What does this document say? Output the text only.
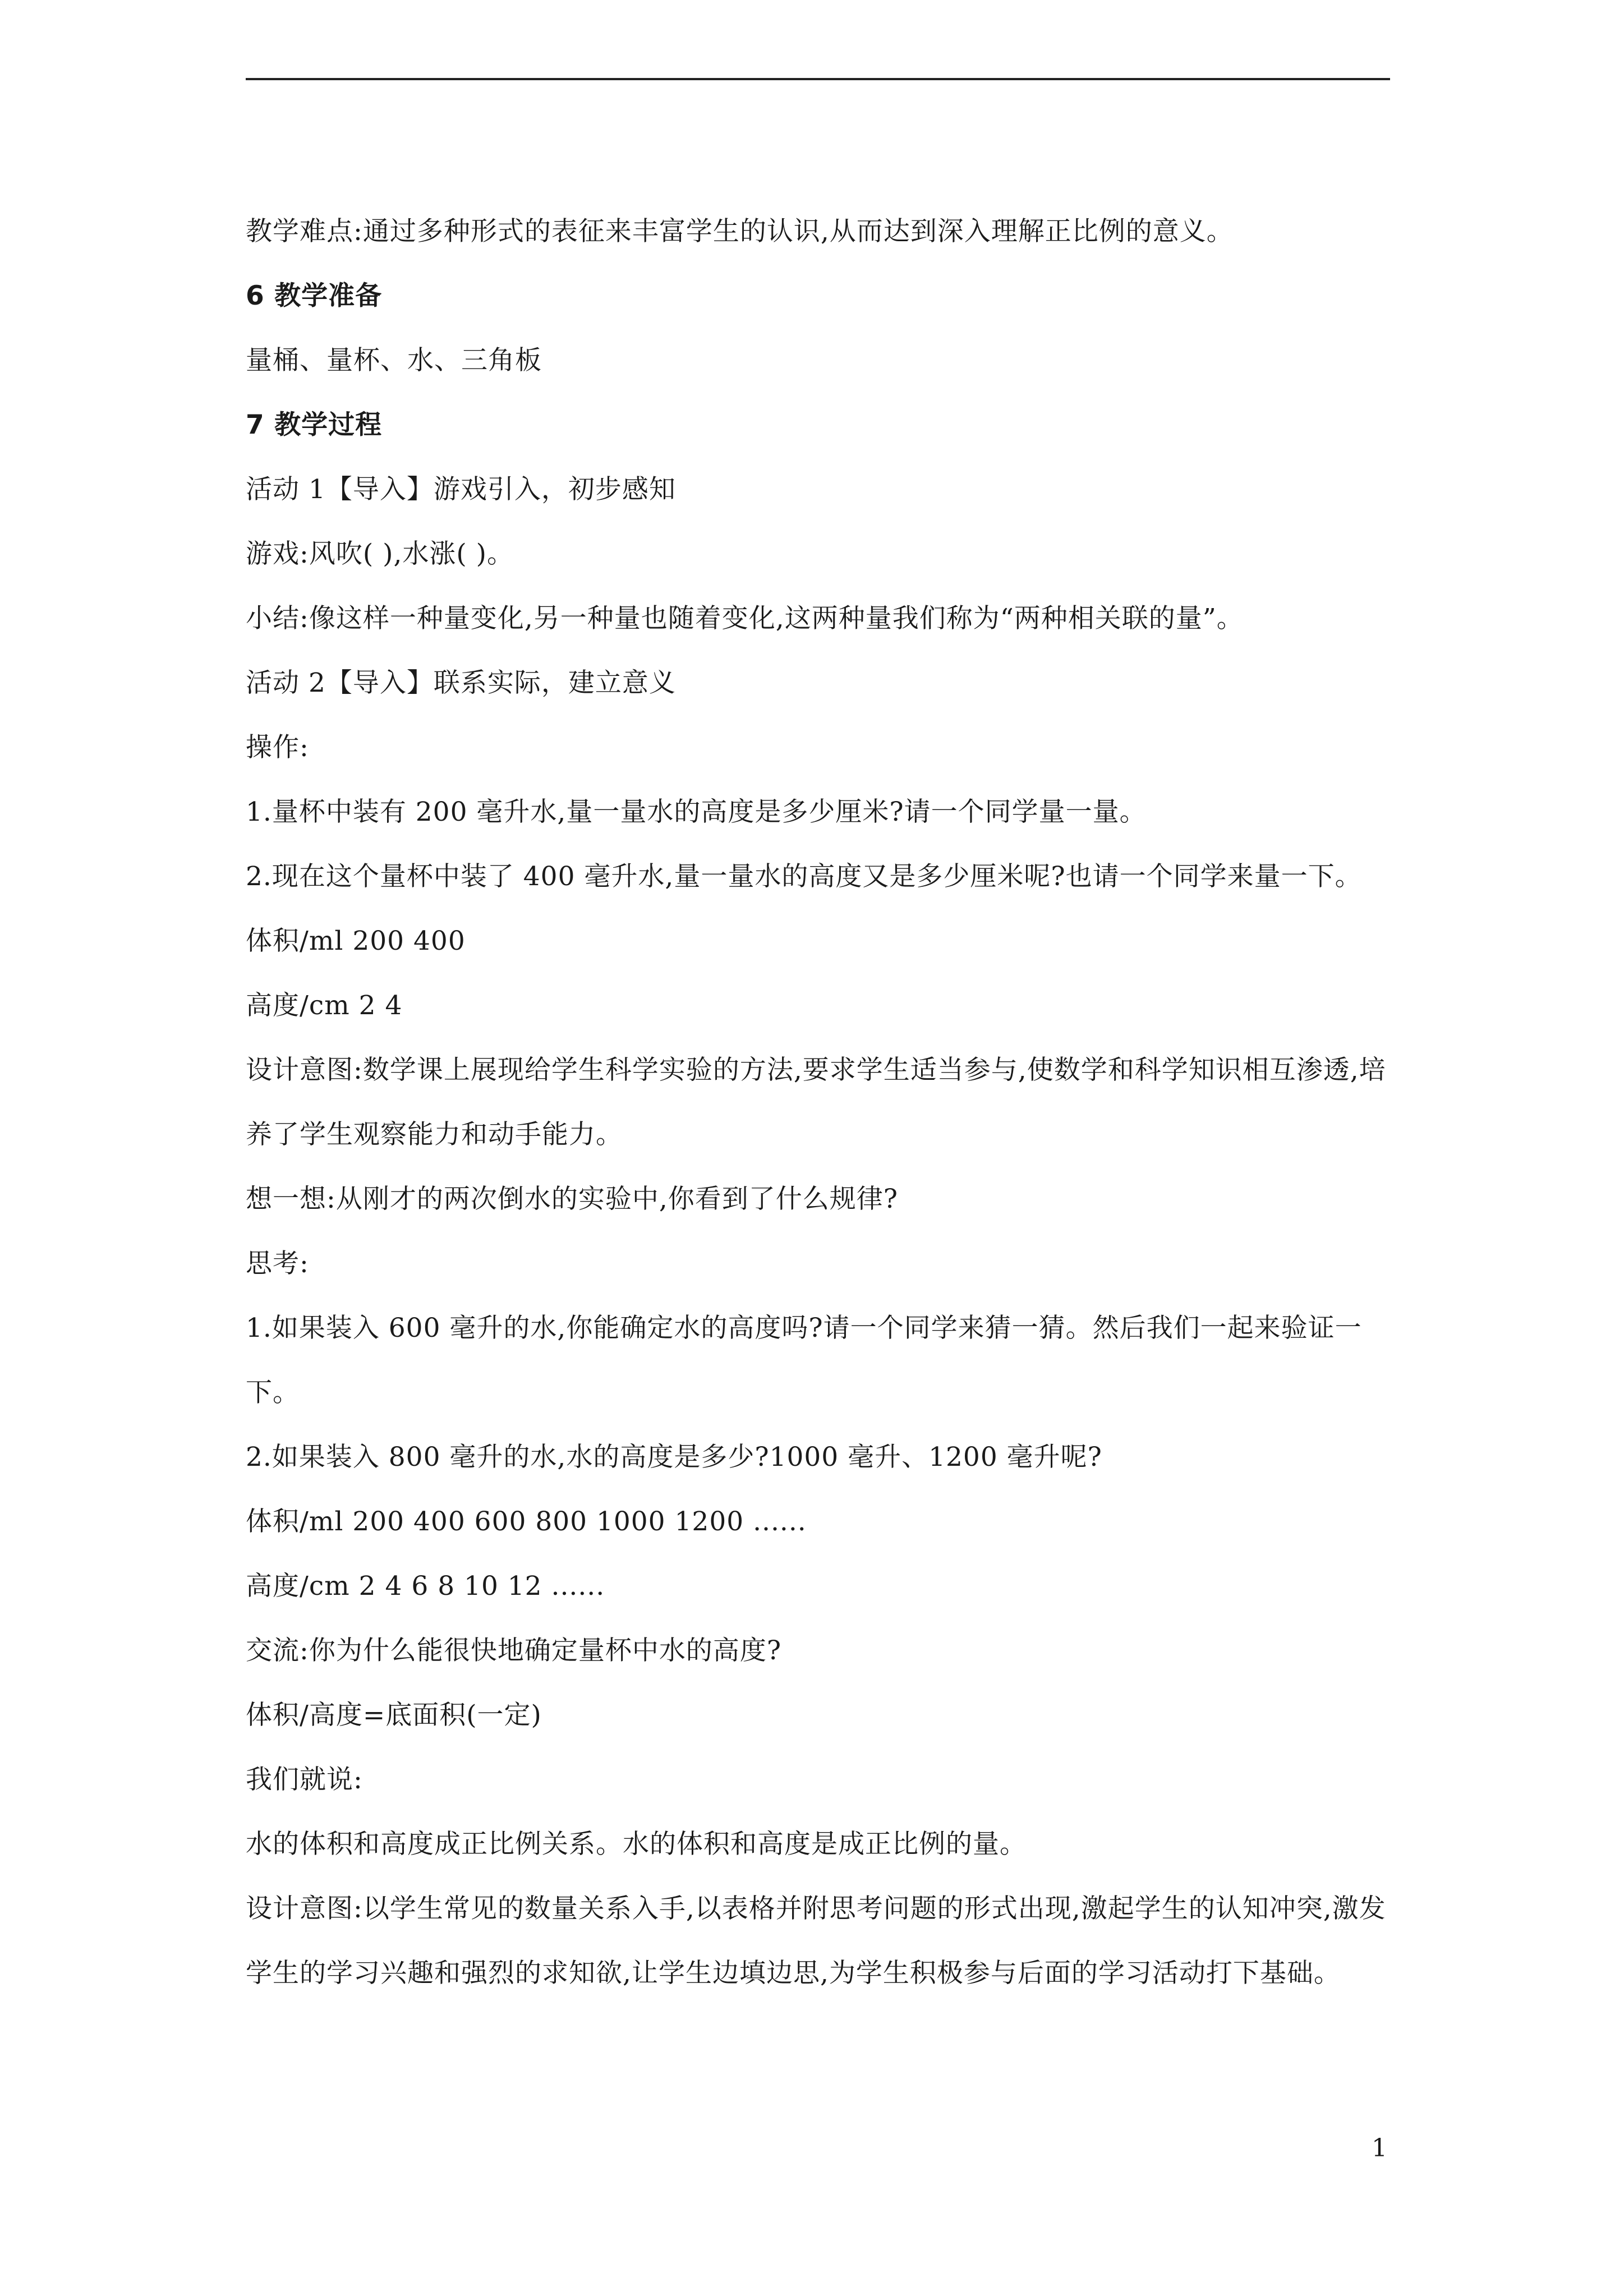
教学难点:通过多种形式的表征来丰富学生的认识,从而达到深入理解正比例的意义。

6 教学准备

量桶、量杯、水、三角板

7 教学过程

活动 1【导入】游戏引入，初步感知

游戏:风吹( ),水涨( )。

小结:像这样一种量变化,另一种量也随着变化,这两种量我们称为“两种相关联的量”。

活动 2【导入】联系实际，建立意义

操作:

1.量杯中装有 200 毫升水,量一量水的高度是多少厘米?请一个同学量一量。

2.现在这个量杯中装了 400 毫升水,量一量水的高度又是多少厘米呢?也请一个同学来量一下。

体积/ml 200 400

高度/cm 2 4

设计意图:数学课上展现给学生科学实验的方法,要求学生适当参与,使数学和科学知识相互渗透,培养了学生观察能力和动手能力。

想一想:从刚才的两次倒水的实验中,你看到了什么规律?

思考:

1.如果装入 600 毫升的水,你能确定水的高度吗?请一个同学来猜一猜。然后我们一起来验证一下。

2.如果装入 800 毫升的水,水的高度是多少?1000 毫升、1200 毫升呢?

体积/ml 200 400 600 800 1000 1200 ......

高度/cm 2 4 6 8 10 12 ......

交流:你为什么能很快地确定量杯中水的高度?

体积/高度=底面积(一定)

我们就说:

水的体积和高度成正比例关系。水的体积和高度是成正比例的量。

设计意图:以学生常见的数量关系入手,以表格并附思考问题的形式出现,激起学生的认知冲突,激发学生的学习兴趣和强烈的求知欲,让学生边填边思,为学生积极参与后面的学习活动打下基础。

1
